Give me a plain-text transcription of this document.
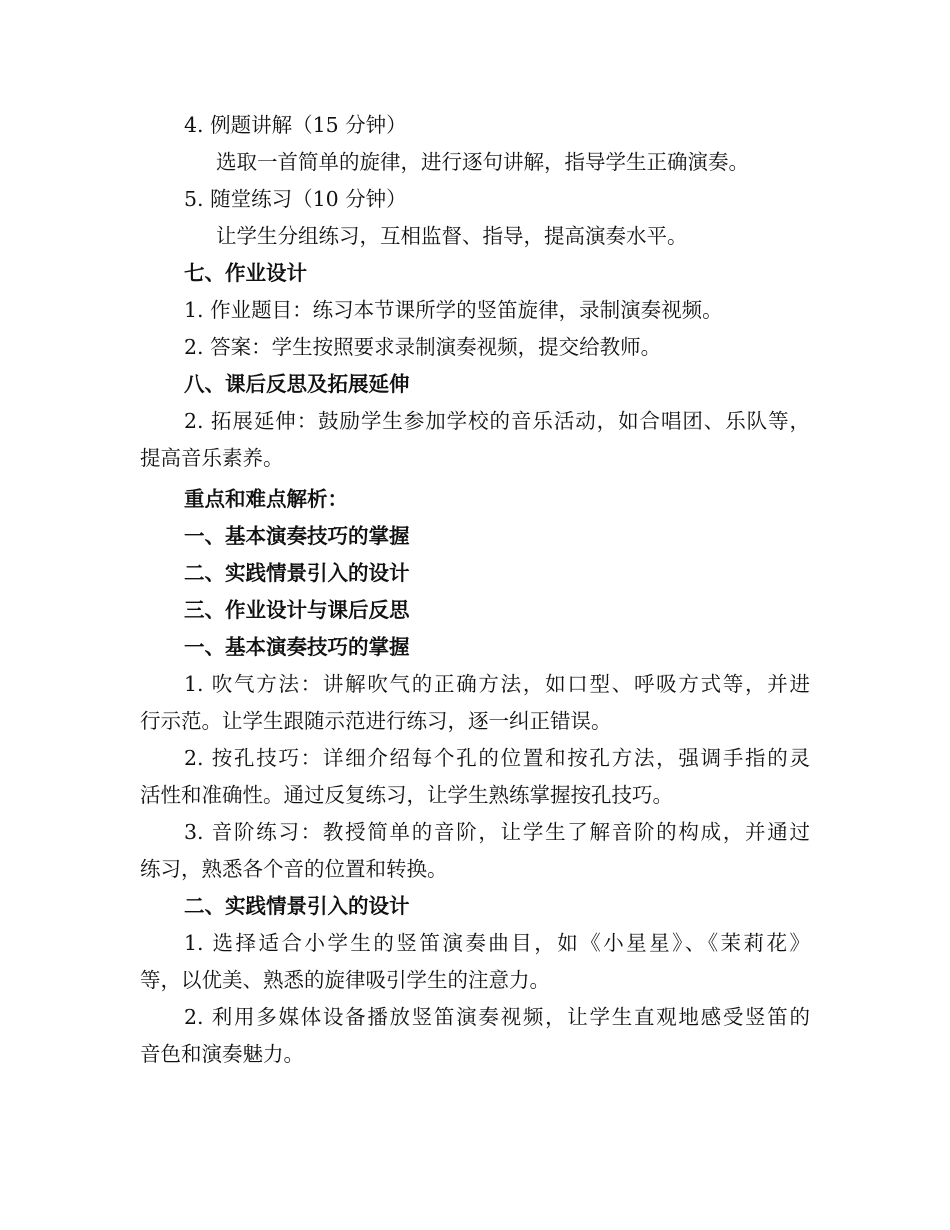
4. 例题讲解（15 分钟）
选取一首简单的旋律，进行逐句讲解，指导学生正确演奏。
5. 随堂练习（10 分钟）
让学生分组练习，互相监督、指导，提高演奏水平。
七、作业设计
1. 作业题目：练习本节课所学的竖笛旋律，录制演奏视频。
2. 答案：学生按照要求录制演奏视频，提交给教师。
八、课后反思及拓展延伸
2. 拓展延伸：鼓励学生参加学校的音乐活动，如合唱团、乐队等，
提高音乐素养。
重点和难点解析：
一、基本演奏技巧的掌握
二、实践情景引入的设计
三、作业设计与课后反思
一、基本演奏技巧的掌握
1. 吹气方法：讲解吹气的正确方法，如口型、呼吸方式等，并进
行示范。让学生跟随示范进行练习，逐一纠正错误。
2. 按孔技巧：详细介绍每个孔的位置和按孔方法，强调手指的灵
活性和准确性。通过反复练习，让学生熟练掌握按孔技巧。
3. 音阶练习：教授简单的音阶，让学生了解音阶的构成，并通过
练习，熟悉各个音的位置和转换。
二、实践情景引入的设计
1. 选择适合小学生的竖笛演奏曲目，如《小星星》、《茉莉花》
等，以优美、熟悉的旋律吸引学生的注意力。
2. 利用多媒体设备播放竖笛演奏视频，让学生直观地感受竖笛的
音色和演奏魅力。
